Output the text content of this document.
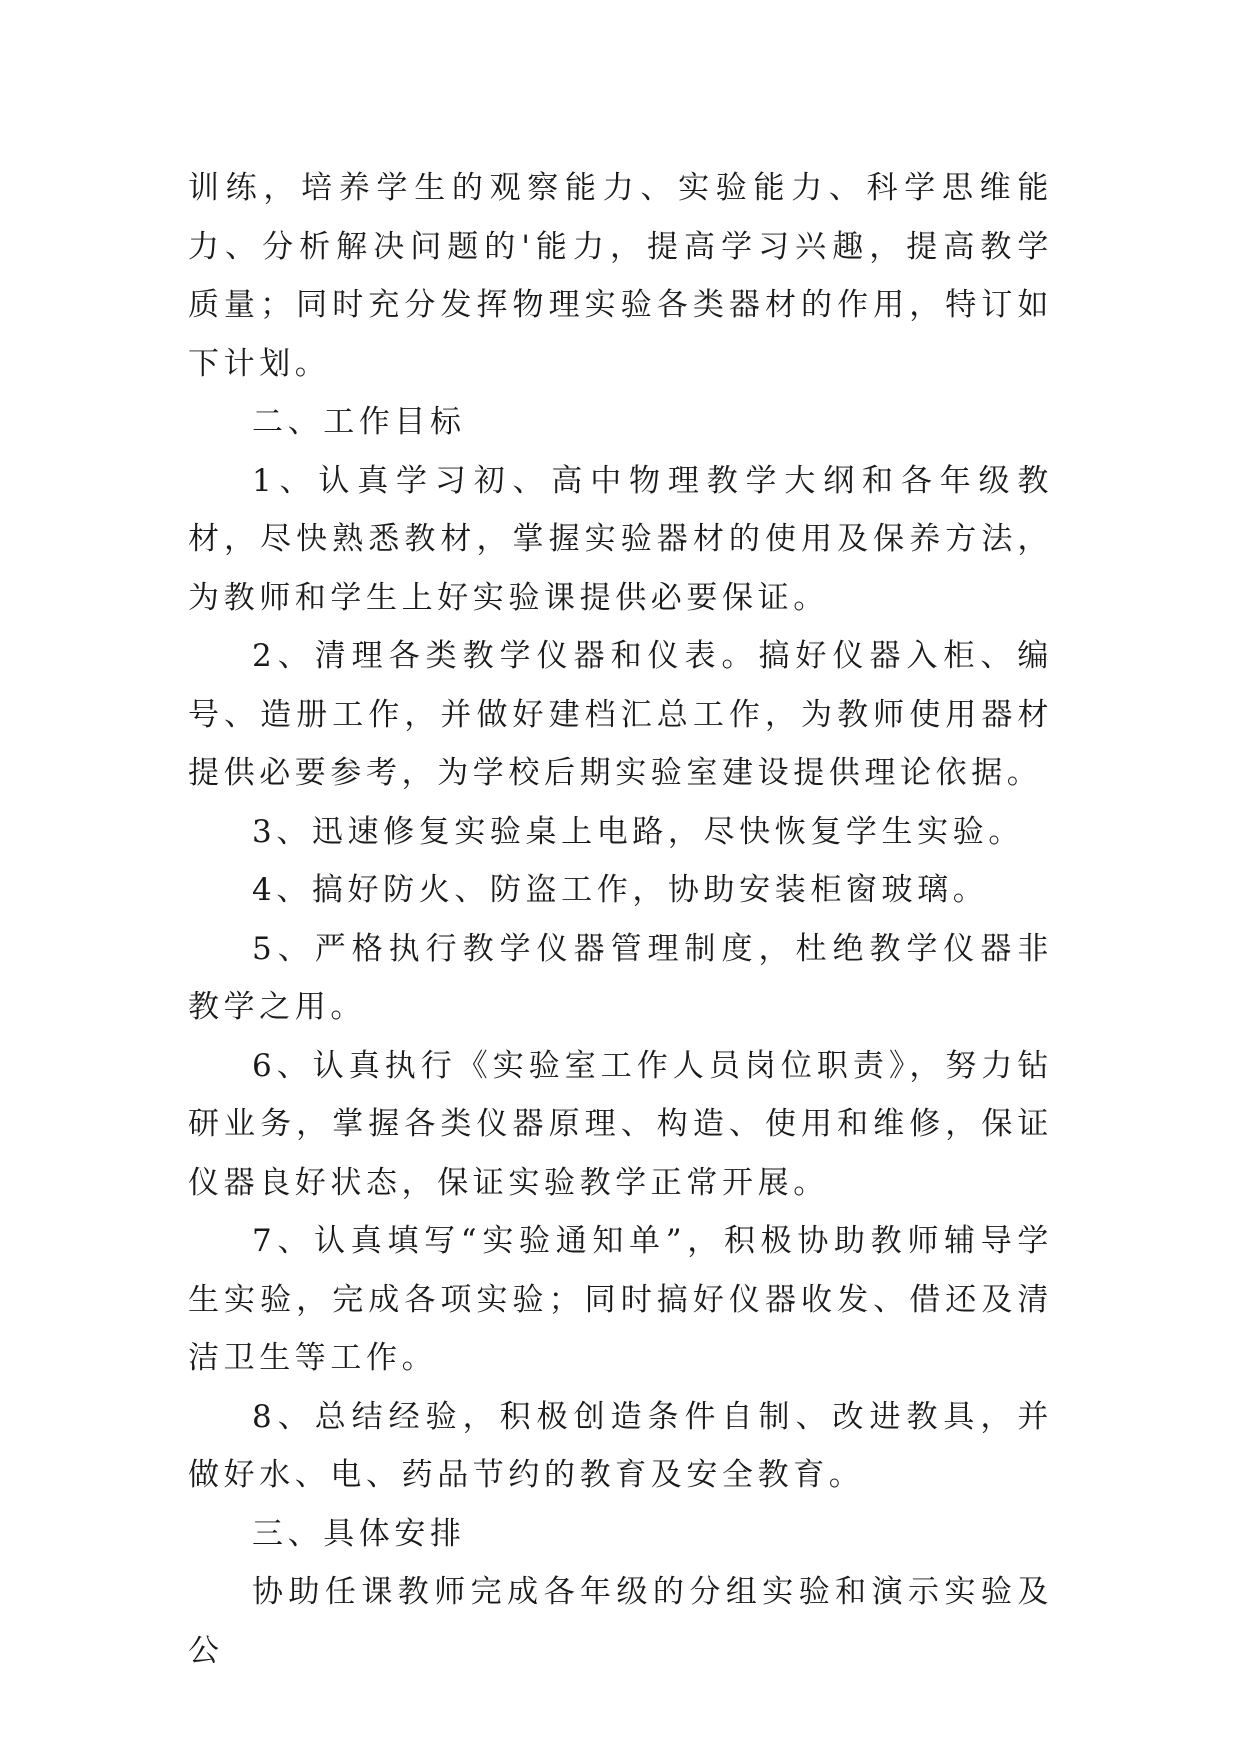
训练，培养学生的观察能力、实验能力、科学思维能力、分析解决问题的'能力，提高学习兴趣，提高教学质量；同时充分发挥物理实验各类器材的作用，特订如下计划。

二、工作目标

1、认真学习初、高中物理教学大纲和各年级教材，尽快熟悉教材，掌握实验器材的使用及保养方法，为教师和学生上好实验课提供必要保证。

2、清理各类教学仪器和仪表。搞好仪器入柜、编号、造册工作，并做好建档汇总工作，为教师使用器材提供必要参考，为学校后期实验室建设提供理论依据。

3、迅速修复实验桌上电路，尽快恢复学生实验。

4、搞好防火、防盗工作，协助安装柜窗玻璃。

5、严格执行教学仪器管理制度，杜绝教学仪器非教学之用。

6、认真执行《实验室工作人员岗位职责》，努力钻研业务，掌握各类仪器原理、构造、使用和维修，保证仪器良好状态，保证实验教学正常开展。

7、认真填写“实验通知单”，积极协助教师辅导学生实验，完成各项实验；同时搞好仪器收发、借还及清洁卫生等工作。

8、总结经验，积极创造条件自制、改进教具，并做好水、电、药品节约的教育及安全教育。

三、具体安排

协助任课教师完成各年级的分组实验和演示实验及公
